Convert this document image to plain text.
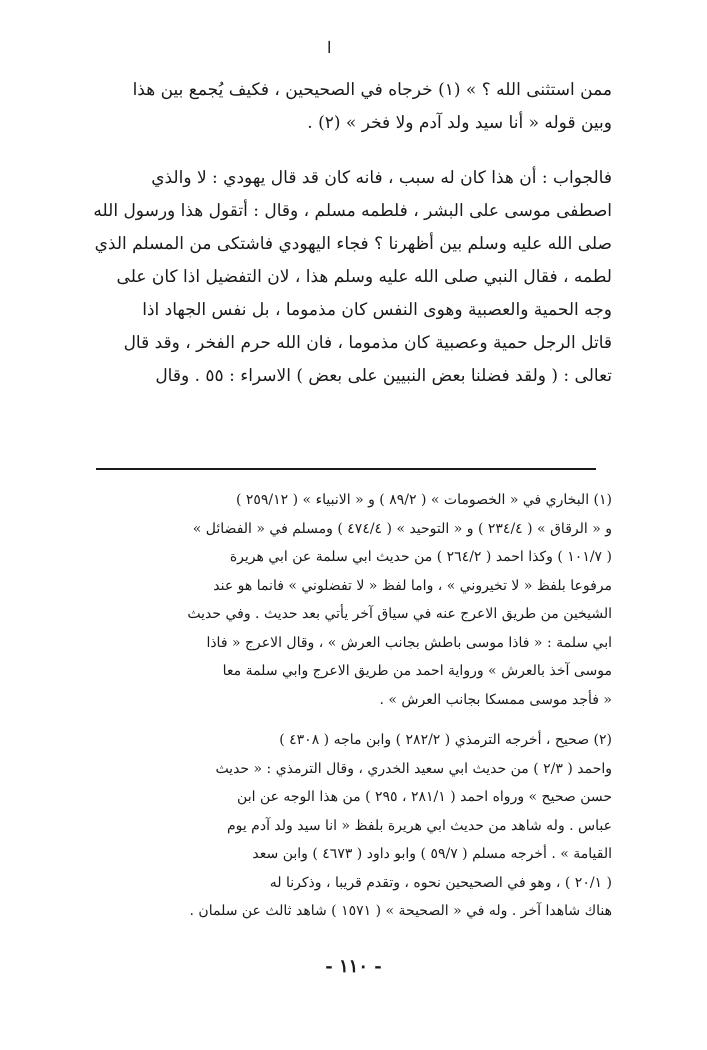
ا
ممن استثنى الله ؟ » (١) خرجاه في الصحيحين ، فكيف يُجمع بين هذا
وبين قوله « أنا سيد ولد آدم ولا فخر » (٢) .
فالجواب : أن هذا كان له سبب ، فانه كان قد قال يهودي : لا والذي
اصطفى موسى على البشر ، فلطمه مسلم ، وقال : أتقول هذا ورسول الله
صلى الله عليه وسلم بين أظهرنا ؟ فجاء اليهودي فاشتكى من المسلم الذي
لطمه ، فقال النبي صلى الله عليه وسلم هذا ، لان التفضيل اذا كان على
وجه الحمية والعصبية وهوى النفس كان مذموما ، بل نفس الجهاد اذا
قاتل الرجل حمية وعصبية كان مذموما ، فان الله حرم الفخر ، وقد قال
تعالى : ( ولقد فضلنا بعض النبيين على بعض ) الاسراء : ٥٥ . وقال
(١) البخاري في « الخصومات » ( ٨٩/٢ ) و « الانبياء » ( ٢٥٩/١٢ )
و « الرقاق » ( ٢٣٤/٤ ) و « التوحيد » ( ٤٧٤/٤ ) ومسلم في « الفضائل »
( ١٠١/٧ ) وكذا احمد ( ٢٦٤/٢ ) من حديث ابي سلمة عن ابي هريرة
مرفوعا بلفظ « لا تخيروني » ، واما لفظ « لا تفضلوني » فانما هو عند
الشيخين من طريق الاعرج عنه في سياق آخر يأتي بعد حديث . وفي حديث
ابي سلمة : « فاذا موسى باطش بجانب العرش » ، وقال الاعرج « فاذا
موسى آخذ بالعرش » ورواية احمد من طريق الاعرج وابي سلمة معا
« فأجد موسى ممسكا بجانب العرش » .
(٢) صحيح ، أخرجه الترمذي ( ٢٨٢/٢ ) وابن ماجه ( ٤٣٠٨ )
واحمد ( ٢/٣ ) من حديث ابي سعيد الخدري ، وقال الترمذي : « حديث
حسن صحيح » ورواه احمد ( ٢٨١/١ ، ٢٩٥ ) من هذا الوجه عن ابن
عباس . وله شاهد من حديث ابي هريرة بلفظ « انا سيد ولد آدم يوم
القيامة » . أخرجه مسلم ( ٥٩/٧ ) وابو داود ( ٤٦٧٣ ) وابن سعد
( ٢٠/١ ) ، وهو في الصحيحين نحوه ، وتقدم قريبا ، وذكرنا له
هناك شاهدا آخر . وله في « الصحيحة » ( ١٥٧١ ) شاهد ثالث عن سلمان .
- ١١٠ -
